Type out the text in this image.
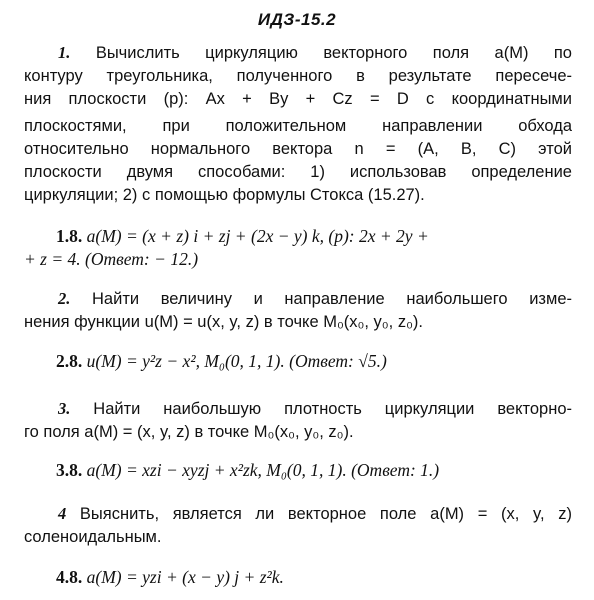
ИДЗ-15.2
1. Вычислить циркуляцию векторного поля a(M) по
контуру треугольника, полученного в результате пересече-
ния плоскости (p): Ax + By + Cz = D с координатными
плоскостями, при положительном направлении обхода
относительно нормального вектора n = (A, B, C) этой
плоскости двумя способами: 1) использовав определение
циркуляции; 2) с помощью формулы Стокса (15.27).
1.8. a(M) = (x + z) i + zj + (2x − y) k, (p): 2x + 2y +
+ z = 4. (Ответ: − 12.)
2. Найти величину и направление наибольшего изме-
нения функции u(M) = u(x, y, z) в точке M₀(x₀, y₀, z₀).
2.8. u(M) = y²z − x², M₀(0, 1, 1). (Ответ: √5.)
3. Найти наибольшую плотность циркуляции векторно-
го поля a(M) = (x, y, z) в точке M₀(x₀, y₀, z₀).
3.8. a(M) = xzi − xyzj + x²zk, M₀(0, 1, 1). (Ответ: 1.)
4 Выяснить, является ли векторное поле a(M) = (x, y, z)
соленоидальным.
4.8. a(M) = yzi + (x − y) j + z²k.
